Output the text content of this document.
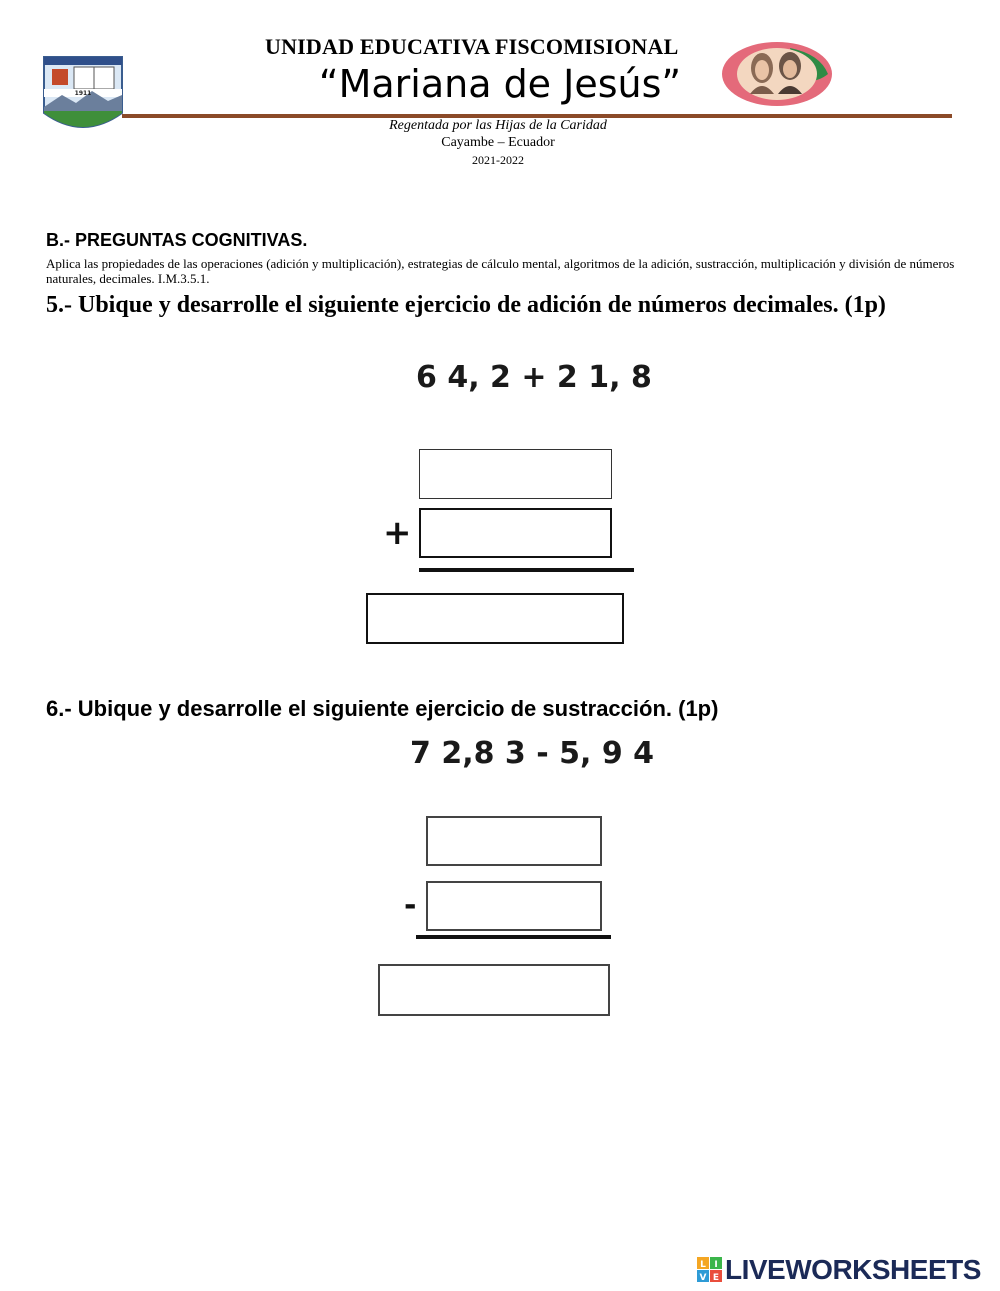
1911
UNIDAD EDUCATIVA FISCOMISIONAL
“Mariana de Jesús”
Regentada por las Hijas de la Caridad
Cayambe – Ecuador
2021-2022
B.- PREGUNTAS COGNITIVAS.
Aplica las propiedades de las operaciones (adición y multiplicación), estrategias de cálculo mental, algoritmos de la adición, sustracción, multiplicación y división de números naturales, decimales. I.M.3.5.1.
5.- Ubique y desarrolle el siguiente ejercicio de adición de números decimales. (1p)
6 4, 2 + 2 1, 8
+
6.- Ubique y desarrolle el siguiente ejercicio de sustracción. (1p)
7 2,8 3 - 5, 9 4
-
L I
V E LIVEWORKSHEETS
